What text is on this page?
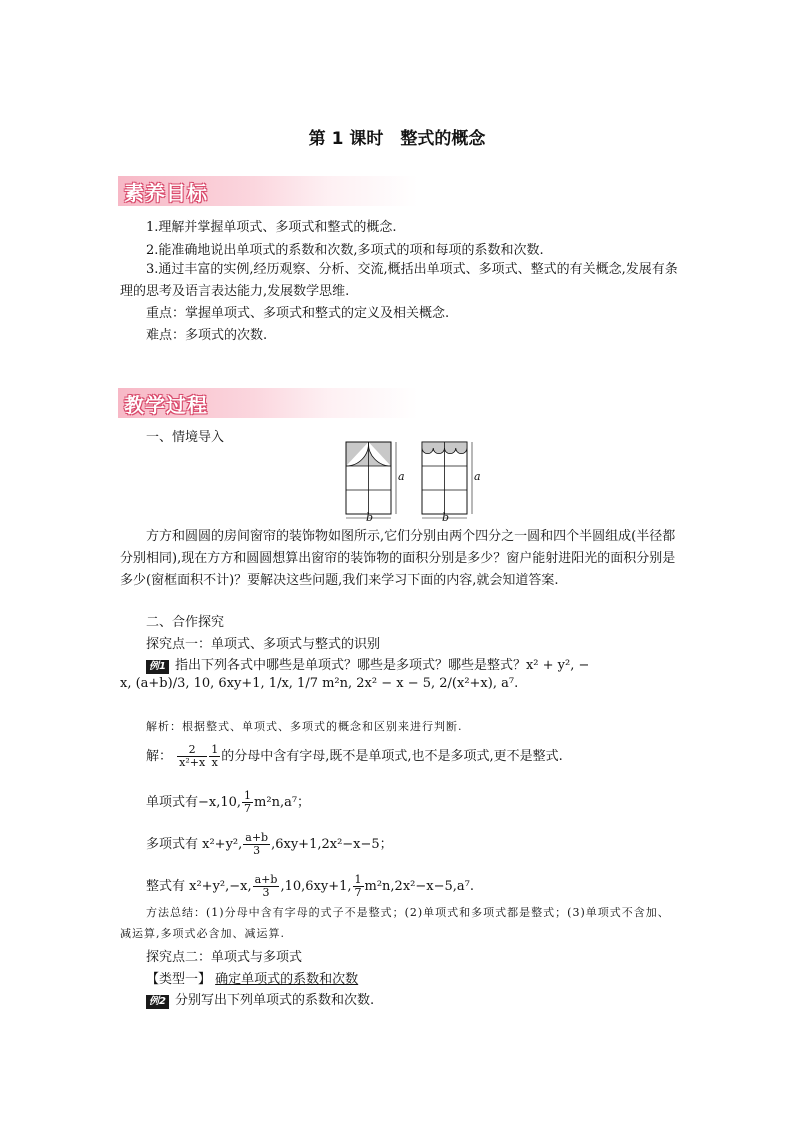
第 1 课时　整式的概念
素养目标
1.理解并掌握单项式、多项式和整式的概念.
2.能准确地说出单项式的系数和次数,多项式的项和每项的系数和次数.
3.通过丰富的实例,经历观察、分析、交流,概括出单项式、多项式、整式的有关概念,发展有条理的思考及语言表达能力,发展数学思维.
重点：掌握单项式、多项式和整式的定义及相关概念.
难点：多项式的次数.
教学过程
一、情境导入
a	a
b	b
方方和圆圆的房间窗帘的装饰物如图所示,它们分别由两个四分之一圆和四个半圆组成(半径都分别相同),现在方方和圆圆想算出窗帘的装饰物的面积分别是多少？窗户能射进阳光的面积分别是多少(窗框面积不计)？要解决这些问题,我们来学习下面的内容,就会知道答案.
二、合作探究
探究点一：单项式、多项式与整式的识别
例1 指出下列各式中哪些是单项式？哪些是多项式？哪些是整式？x² + y², −
x, (a+b)/3, 10, 6xy+1, 1/x, 1/7 m²n, 2x² − x − 5, 2/(x²+x), a⁷.
解析：根据整式、单项式、多项式的概念和区别来进行判断.
解： $\frac{2}{\text{x²+x}} \frac{1}{x}$ 的分母中含有字母,既不是单项式,也不是多项式,更不是整式.
单项式有−x,10, $\frac{1}{7} m^2n,a^7$；
多项式有 x²+y², $\frac{a+b}{3} ,6xy+1,2x^2-x-5$；
整式有 x²+y²,−x, $\frac{a+b}{3} ,10,6xy+1$, $\frac{1}{7} m^2n,2x^2-x-5,a^7$.
方法总结：(1)分母中含有字母的式子不是整式；(2)单项式和多项式都是整式；(3)单项式不含加、减运算,多项式必含加、减运算.
探究点二：单项式与多项式
【类型一】 确定单项式的系数和次数
例2 分别写出下列单项式的系数和次数.
